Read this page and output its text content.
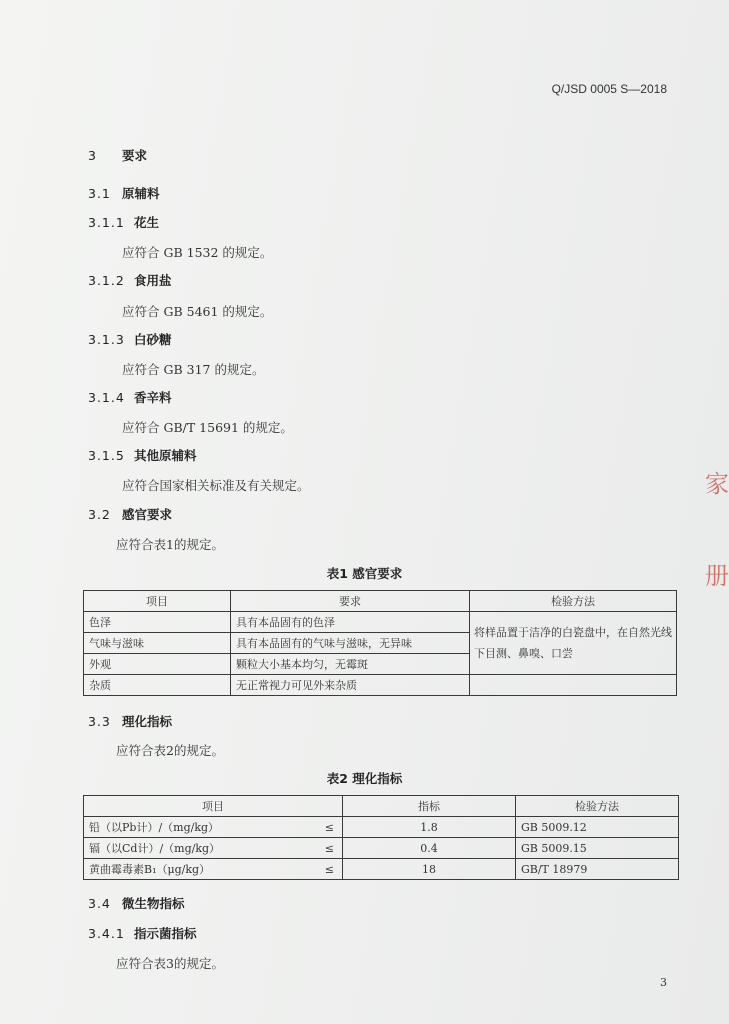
Q/JSD 0005 S—2018
3 要求
3.1 原辅料
3.1.1 花生
应符合 GB 1532 的规定。
3.1.2 食用盐
应符合 GB 5461 的规定。
3.1.3 白砂糖
应符合 GB 317 的规定。
3.1.4 香辛料
应符合 GB/T 15691 的规定。
3.1.5 其他原辅料
应符合国家相关标准及有关规定。
3.2 感官要求
应符合表1的规定。
表1 感官要求
项目	要求	检验方法
色泽	具有本品固有的色泽	将样品置于洁净的白瓷盘中，在自然光线下目测、鼻嗅、口尝
气味与滋味	具有本品固有的气味与滋味，无异味	
外观	颗粒大小基本均匀，无霉斑	
杂质	无正常视力可见外来杂质	
3.3 理化指标
应符合表2的规定。
表2 理化指标
项目		指标	检验方法
铅（以Pb计）/（mg/kg）	≤	1.8	GB 5009.12
镉（以Cd计）/（mg/kg）	≤	0.4	GB 5009.15
黄曲霉毒素B₁（μg/kg）	≤	18	GB/T 18979
3.4 微生物指标
3.4.1 指示菌指标
应符合表3的规定。
3
家
册
